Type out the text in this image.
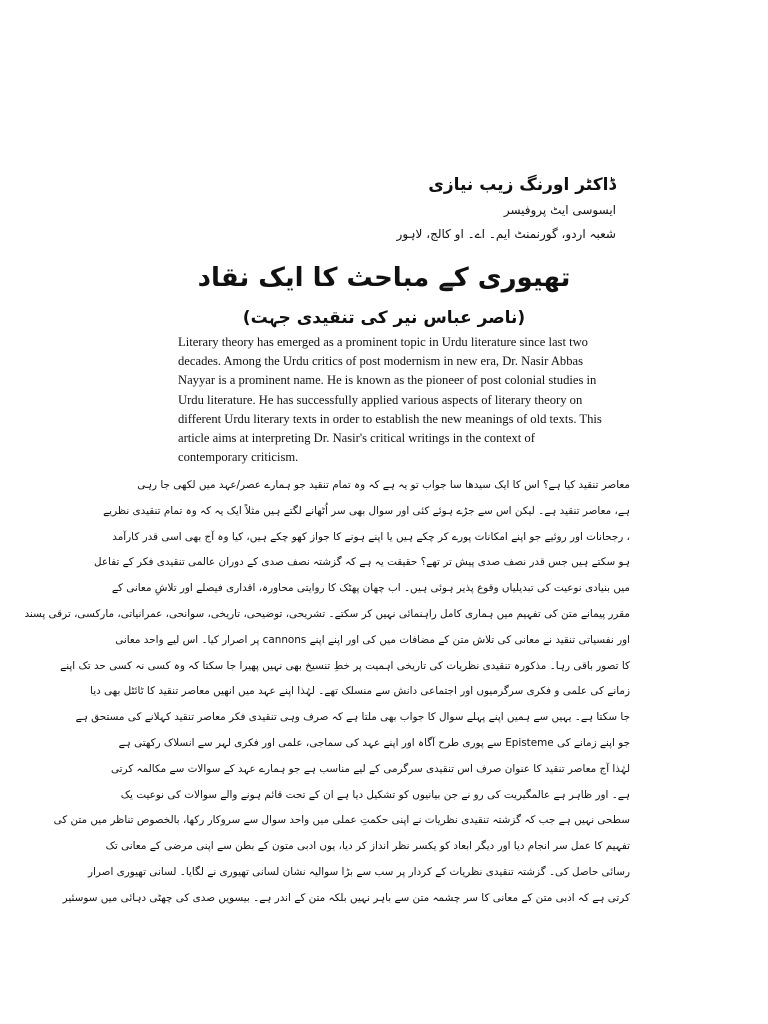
ڈاکٹر اورنگ زیب نیازی
ایسوسی ایٹ پروفیسر
شعبہ اردو، گورنمنٹ ایم۔ اے۔ او کالج، لاہور
تھیوری کے مباحث کا ایک نقاد
(ناصر عباس نیر کی تنقیدی جہت)
Literary theory has emerged as a prominent topic in Urdu literature since last two decades. Among the Urdu critics of post modernism in new era, Dr. Nasir Abbas Nayyar is a prominent name. He is known as the pioneer of post colonial studies in Urdu literature. He has successfully applied various aspects of literary theory on different Urdu literary texts in order to establish the new meanings of old texts. This article aims at interpreting Dr. Nasir's critical writings in the context of contemporary criticism.
معاصر تنقید کیا ہے؟ اس کا ایک سیدھا سا جواب تو یہ ہے کہ وہ تمام تنقید جو ہمارے عصر/عہد میں لکھی جا رہی
ہے، معاصر تنقید ہے۔ لیکن اس سے جڑے ہوئے کئی اور سوال بھی سر اُٹھانے لگتے ہیں مثلاً ایک یہ کہ وہ تمام تنقیدی نظریے
، رجحانات اور روئیے جو اپنے امکانات پورے کر چکے ہیں یا اپنے ہونے کا جواز کھو چکے ہیں، کیا وہ آج بھی اسی قدر کارآمد
ہو سکتے ہیں جس قدر نصف صدی پیش تر تھے؟ حقیقت یہ ہے کہ گزشتہ نصف صدی کے دوران عالمی تنقیدی فکر کے تفاعل
میں بنیادی نوعیت کی تبدیلیاں وقوع پذیر ہوئی ہیں۔ اب چھان پھٹک کا روایتی محاورہ، اقداری فیصلے اور تلاشِ معانی کے
مقرر پیمانے متن کی تفہیم میں ہماری کامل راہنمائی نہیں کر سکتے۔ تشریحی، توضیحی، تاریخی، سوانحی، عمرانیاتی، مارکسی، ترقی پسند
اور نفسیاتی تنقید نے معانی کی تلاش متن کے مضافات میں کی اور اپنے اپنے cannons پر اصرار کیا۔ اس لیے واحد معانی
کا تصور باقی رہا۔ مذکورہ تنقیدی نظریات کی تاریخی اہمیت پر خطِ تنسیخ بھی نہیں پھیرا جا سکتا کہ وہ کسی نہ کسی حد تک اپنے
زمانے کی علمی و فکری سرگرمیوں اور اجتماعی دانش سے منسلک تھے۔ لہٰذا اپنے عہد میں انھیں معاصر تنقید کا ٹائٹل بھی دیا
جا سکتا ہے۔ یہیں سے ہمیں اپنے پہلے سوال کا جواب بھی ملتا ہے کہ صرف وہی تنقیدی فکر معاصر تنقید کہلانے کی مستحق ہے
جو اپنے زمانے کی Episteme سے پوری طرح آگاہ اور اپنے عہد کی سماجی، علمی اور فکری لہر سے انسلاک رکھتی ہے
لہٰذا آج معاصر تنقید کا عنوان صرف اس تنقیدی سرگرمی کے لیے مناسب ہے جو ہمارے عہد کے سوالات سے مکالمہ کرتی
ہے۔ اور ظاہر ہے عالمگیریت کی رو نے جن بیانیوں کو تشکیل دیا ہے ان کے تحت قائم ہونے والے سوالات کی نوعیت یک
سطحی نہیں ہے جب کہ گزشتہ تنقیدی نظریات نے اپنی حکمتِ عملی میں واحد سوال سے سروکار رکھا، بالخصوص تناظر میں متن کی
تفہیم کا عمل سر انجام دیا اور دیگر ابعاد کو یکسر نظر انداز کر دیا، یوں ادبی متون کے بطن سے اپنی مرضی کے معانی تک
رسائی حاصل کی۔ گزشتہ تنقیدی نظریات کے کردار پر سب سے بڑا سوالیہ نشان لسانی تھیوری نے لگایا۔ لسانی تھیوری اصرار
کرتی ہے کہ ادبی متن کے معانی کا سر چشمہ متن سے باہر نہیں بلکہ متن کے اندر ہے۔ بیسویں صدی کی چھٹی دہائی میں سوسئیر
